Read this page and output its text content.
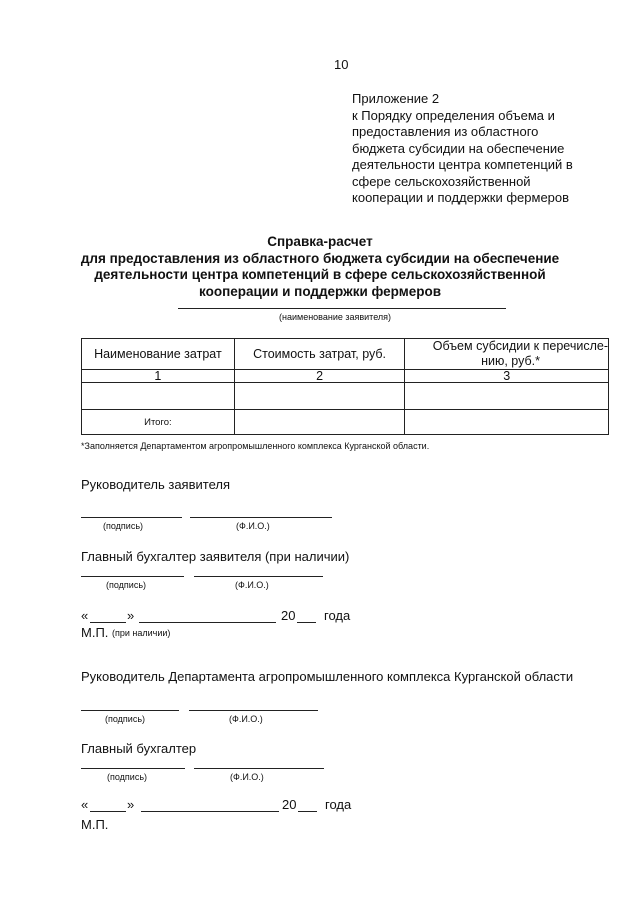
10
Приложение 2
к Порядку определения объема и
предоставления из областного
бюджета субсидии на обеспечение
деятельности центра компетенций в
сфере сельскохозяйственной
кооперации и поддержки фермеров
Справка-расчет
для предоставления из областного бюджета субсидии на обеспечение
деятельности центра компетенций в сфере сельскохозяйственной
кооперации и поддержки фермеров
(наименование заявителя)
Наименование затрат	Стоимость затрат, руб.	Объем субсидии к перечисле-
нию, руб.*

1	2	3

Итого:		
*Заполняется Департаментом агропромышленного комплекса Курганской области.
Руководитель заявителя
(подпись)	(Ф.И.О.)
Главный бухгалтер заявителя (при наличии)
(подпись)	(Ф.И.О.)
«	»	20 года
М.П. (при наличии)
Руководитель Департамента агропромышленного комплекса Курганской области
(подпись)	(Ф.И.О.)
Главный бухгалтер
(подпись)	(Ф.И.О.)
«	»	20 года
М.П.
